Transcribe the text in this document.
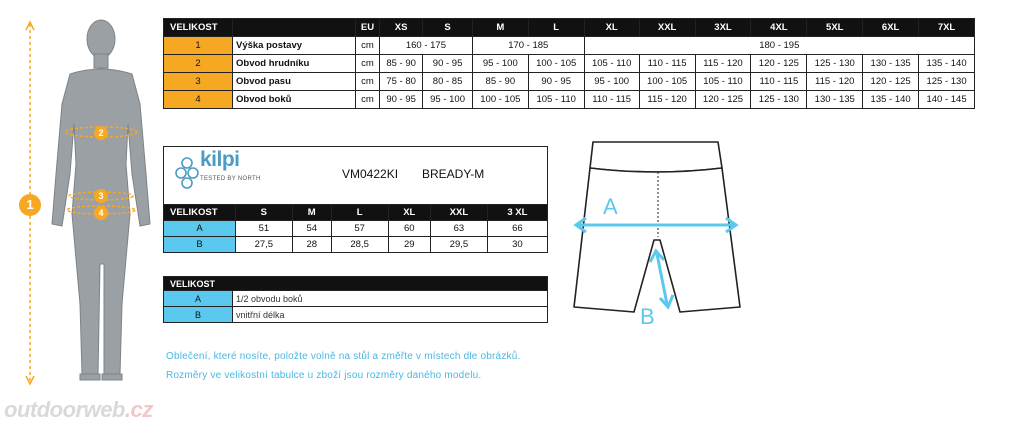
1
2
3
4
VELIKOST		EU	XS	S	M	L	XL	XXL	3XL	4XL	5XL	6XL	7XL
1	Výška postavy	cm	160 - 175		170 - 185		180 - 195						
2	Obvod hrudníku	cm	85 - 90	90 - 95	95 - 100	100 - 105	105 - 110	110 - 115	115 - 120	120 - 125	125 - 130	130 - 135	135 - 140
3	Obvod pasu	cm	75 - 80	80 - 85	85 - 90	90 - 95	95 - 100	100 - 105	105 - 110	110 - 115	115 - 120	120 - 125	125 - 130
4	Obvod boků	cm	90 - 95	95 - 100	100 - 105	105 - 110	110 - 115	115 - 120	120 - 125	125 - 130	130 - 135	135 - 140	140 - 145
kilpi
TESTED BY NORTH	VM0422KI BREADY-M
VELIKOST	S	M	L	XL	XXL	3 XL
A	51	54	57	60	63	66
B	27,5	28	28,5	29	29,5	30
VELIKOST	
A	1/2 obvodu boků
B	vnitřní délka
A
B
Oblečení, které nosíte, položte volně na stůl a změřte v místech dle obrázků.
Rozměry ve velikostní tabulce u zboží jsou rozměry daného modelu.
outdoorweb.cz
